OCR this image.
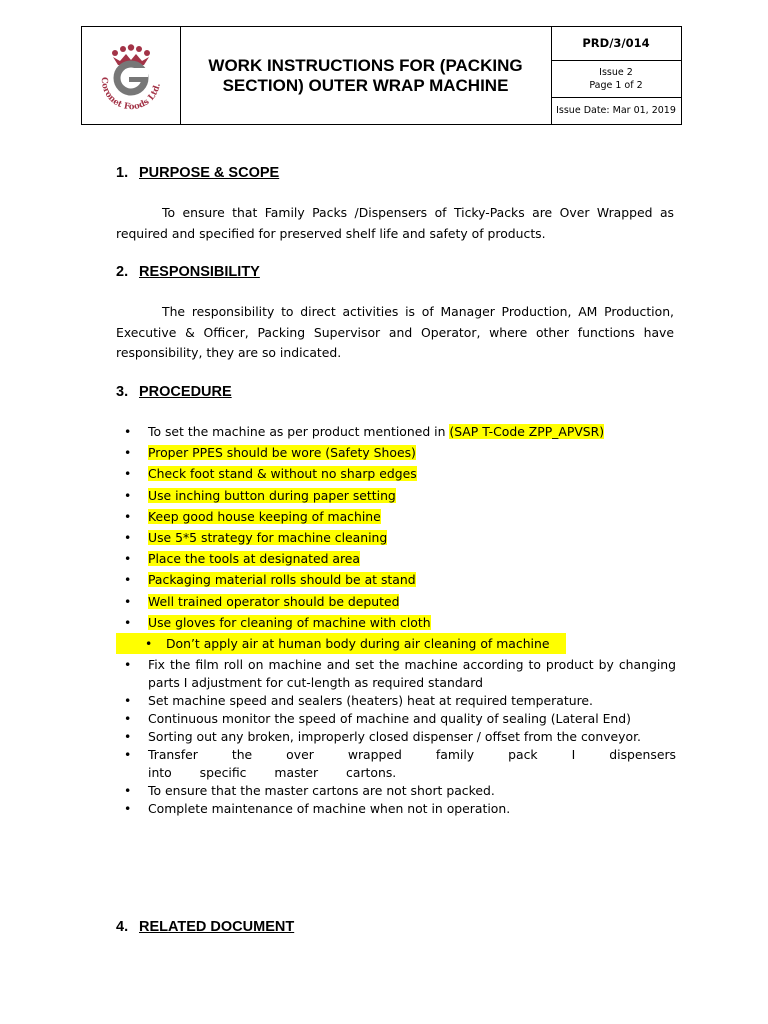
Coronet Foods Ltd.
WORK INSTRUCTIONS FOR (PACKING
SECTION) OUTER WRAP MACHINE
PRD/3/014
Issue 2
Page 1 of 2
Issue Date: Mar 01, 2019
1. PURPOSE & SCOPE
To ensure that Family Packs /Dispensers of Ticky-Packs are Over Wrapped as required and specified for preserved shelf life and safety of products.
2. RESPONSIBILITY
The responsibility to direct activities is of Manager Production, AM Production, Executive & Officer, Packing Supervisor and Operator, where other functions have responsibility, they are so indicated.
3. PROCEDURE
• To set the machine as per product mentioned in (SAP T-Code ZPP_APVSR)
• Proper PPES should be wore (Safety Shoes)
• Check foot stand & without no sharp edges
• Use inching button during paper setting
• Keep good house keeping of machine
• Use 5*5 strategy for machine cleaning
• Place the tools at designated area
• Packaging material rolls should be at stand
• Well trained operator should be deputed
• Use gloves for cleaning of machine with cloth
• Don’t apply air at human body during air cleaning of machine
• Fix the film roll on machine and set the machine according to product by changing parts I adjustment for cut-length as required standard
• Set machine speed and sealers (heaters) heat at required temperature.
• Continuous monitor the speed of machine and quality of sealing (Lateral End)
• Sorting out any broken, improperly closed dispenser / offset from the conveyor.
• Transfer the over wrapped family pack I dispensers into specific master cartons.
• To ensure that the master cartons are not short packed.
• Complete maintenance of machine when not in operation.
4. RELATED DOCUMENT
